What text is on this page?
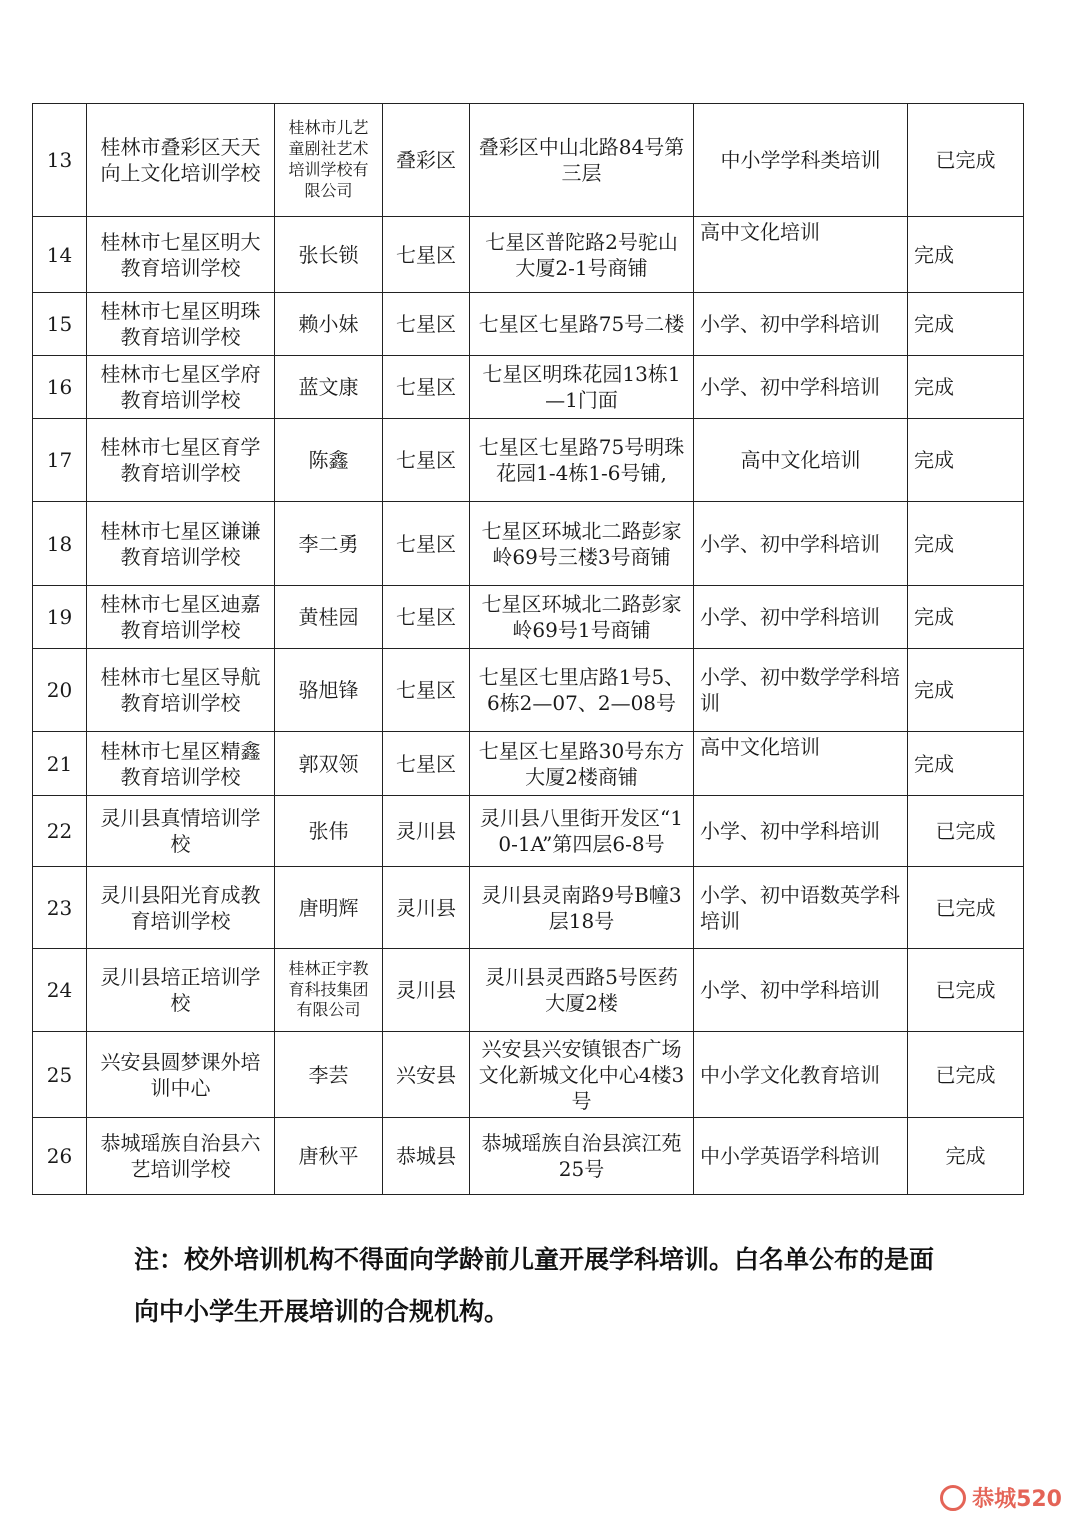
13	桂林市叠彩区天天向上文化培训学校	桂林市儿艺童剧社艺术培训学校有限公司	叠彩区	叠彩区中山北路84号第三层	中小学学科类培训	已完成
14	桂林市七星区明大教育培训学校	张长锁	七星区	七星区普陀路2号驼山大厦2-1号商铺	高中文化培训	完成
15	桂林市七星区明珠教育培训学校	赖小妹	七星区	七星区七星路75号二楼	小学、初中学科培训	完成
16	桂林市七星区学府教育培训学校	蓝文康	七星区	七星区明珠花园13栋1—1门面	小学、初中学科培训	完成
17	桂林市七星区育学教育培训学校	陈鑫	七星区	七星区七星路75号明珠花园1-4栋1-6号铺,	高中文化培训	完成
18	桂林市七星区谦谦教育培训学校	李二勇	七星区	七星区环城北二路彭家岭69号三楼3号商铺	小学、初中学科培训	完成
19	桂林市七星区迪嘉教育培训学校	黄桂园	七星区	七星区环城北二路彭家岭69号1号商铺	小学、初中学科培训	完成
20	桂林市七星区导航教育培训学校	骆旭锋	七星区	七星区七里店路1号5、6栋2—07、2—08号	小学、初中数学学科培训	完成
21	桂林市七星区精鑫教育培训学校	郭双领	七星区	七星区七星路30号东方大厦2楼商铺	高中文化培训	完成
22	灵川县真情培训学校	张伟	灵川县	灵川县八里街开发区“10-1A”第四层6-8号	小学、初中学科培训	已完成
23	灵川县阳光育成教育培训学校	唐明辉	灵川县	灵川县灵南路9号B幢3层18号	小学、初中语数英学科培训	已完成
24	灵川县培正培训学校	桂林正宇教育科技集团有限公司	灵川县	灵川县灵西路5号医药大厦2楼	小学、初中学科培训	已完成
25	兴安县圆梦课外培训中心	李芸	兴安县	兴安县兴安镇银杏广场文化新城文化中心4楼3号	中小学文化教育培训	已完成
26	恭城瑶族自治县六艺培训学校	唐秋平	恭城县	恭城瑶族自治县滨江苑25号	中小学英语学科培训	完成
注：校外培训机构不得面向学龄前儿童开展学科培训。白名单公布的是面向中小学生开展培训的合规机构。
恭城520
